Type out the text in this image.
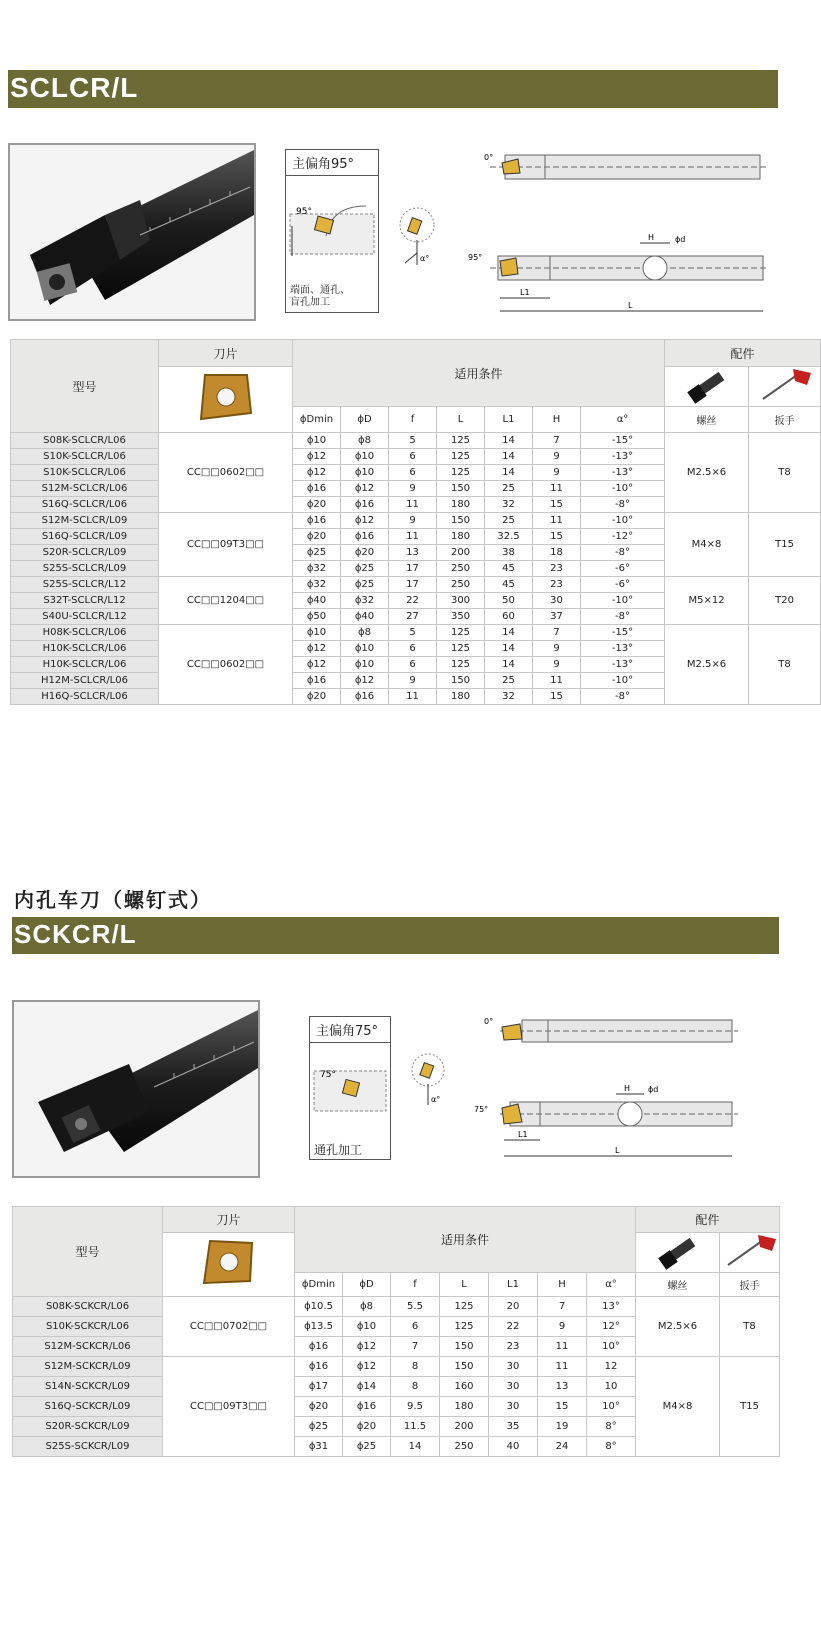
SCLCR/L
主偏角95°
95°
端面、通孔、
盲孔加工
α°
0°
H	ϕd
95°
L1
L
型号	刀片	适用条件							配件	

		ϕDmin	ϕD	f	L	L1	H	α°	螺丝	扳手
S08K-SCLCR/L06	CC□□0602□□	ϕ10	ϕ8	5	125	14	7	-15°	M2.5×6	T8
S10K-SCLCR/L06		ϕ12	ϕ10	6	125	14	9	-13°		
S10K-SCLCR/L06		ϕ12	ϕ10	6	125	14	9	-13°		
S12M-SCLCR/L06		ϕ16	ϕ12	9	150	25	11	-10°		
S16Q-SCLCR/L06		ϕ20	ϕ16	11	180	32	15	-8°		
S12M-SCLCR/L09	CC□□09T3□□	ϕ16	ϕ12	9	150	25	11	-10°	M4×8	T15
S16Q-SCLCR/L09		ϕ20	ϕ16	11	180	32.5	15	-12°		
S20R-SCLCR/L09		ϕ25	ϕ20	13	200	38	18	-8°		
S25S-SCLCR/L09		ϕ32	ϕ25	17	250	45	23	-6°		
S25S-SCLCR/L12	CC□□1204□□	ϕ32	ϕ25	17	250	45	23	-6°	M5×12	T20
S32T-SCLCR/L12		ϕ40	ϕ32	22	300	50	30	-10°		
S40U-SCLCR/L12		ϕ50	ϕ40	27	350	60	37	-8°		
H08K-SCLCR/L06	CC□□0602□□	ϕ10	ϕ8	5	125	14	7	-15°	M2.5×6	T8
H10K-SCLCR/L06		ϕ12	ϕ10	6	125	14	9	-13°		
H10K-SCLCR/L06		ϕ12	ϕ10	6	125	14	9	-13°		
H12M-SCLCR/L06		ϕ16	ϕ12	9	150	25	11	-10°		
H16Q-SCLCR/L06		ϕ20	ϕ16	11	180	32	15	-8°		
内孔车刀（螺钉式）
SCKCR/L
主偏角75°
75°
通孔加工
α°
0°
H ϕd
75°
L1
L
型号	刀片	适用条件							配件	

		ϕDmin	ϕD	f	L	L1	H	α°	螺丝	扳手
S08K-SCKCR/L06	CC□□0702□□	ϕ10.5	ϕ8	5.5	125	20	7	13°	M2.5×6	T8
S10K-SCKCR/L06		ϕ13.5	ϕ10	6	125	22	9	12°		
S12M-SCKCR/L06		ϕ16	ϕ12	7	150	23	11	10°		
S12M-SCKCR/L09	CC□□09T3□□	ϕ16	ϕ12	8	150	30	11	12	M4×8	T15
S14N-SCKCR/L09		ϕ17	ϕ14	8	160	30	13	10		
S16Q-SCKCR/L09		ϕ20	ϕ16	9.5	180	30	15	10°		
S20R-SCKCR/L09		ϕ25	ϕ20	11.5	200	35	19	8°		
S25S-SCKCR/L09		ϕ31	ϕ25	14	250	40	24	8°		
